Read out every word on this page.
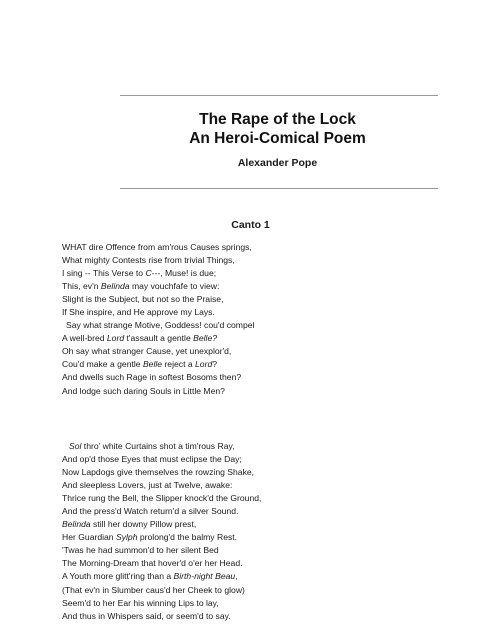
The Rape of the Lock
An Heroi-Comical Poem
Alexander Pope
Canto 1
WHAT dire Offence from am'rous Causes springs,
What mighty Contests rise from trivial Things,
I sing -- This Verse to C---, Muse! is due;
This, ev'n Belinda may vouchfafe to view:
Slight is the Subject, but not so the Praise,
If She inspire, and He approve my Lays.
Say what strange Motive, Goddess! cou'd compel
A well-bred Lord t'assault a gentle Belle?
Oh say what stranger Cause, yet unexplor'd,
Cou'd make a gentle Belle reject a Lord?
And dwells such Rage in softest Bosoms then?
And lodge such daring Souls in Little Men?
Sol thro' white Curtains shot a tim'rous Ray,
And op'd those Eyes that must eclipse the Day;
Now Lapdogs give themselves the rowzing Shake,
And sleepless Lovers, just at Twelve, awake:
Thrice rung the Bell, the Slipper knock'd the Ground,
And the press'd Watch return'd a silver Sound.
Belinda still her downy Pillow prest,
Her Guardian Sylph prolong'd the balmy Rest.
'Twas he had summon'd to her silent Bed
The Morning-Dream that hover'd o'er her Head.
A Youth more glitt'ring than a Birth-night Beau,
(That ev'n in Slumber caus'd her Cheek to glow)
Seem'd to her Ear his winning Lips to lay,
And thus in Whispers said, or seem'd to say.
